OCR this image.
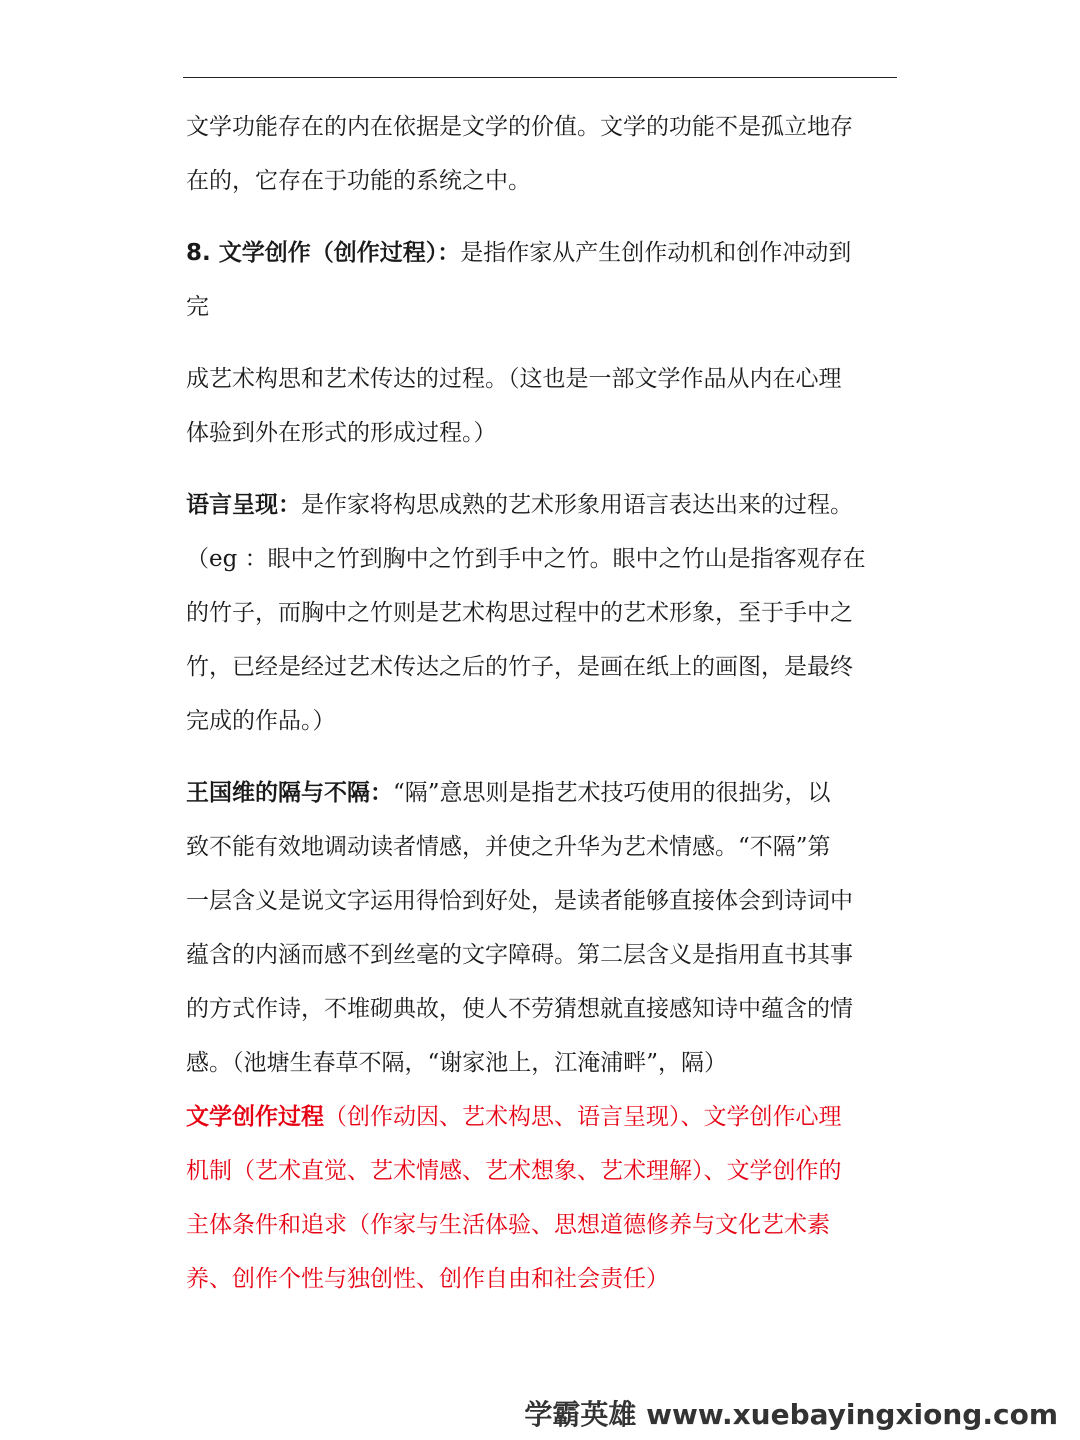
文学功能存在的内在依据是文学的价值。文学的功能不是孤立地存
在的，它存在于功能的系统之中。
8. 文学创作（创作过程）：是指作家从产生创作动机和创作冲动到
完
成艺术构思和艺术传达的过程。（这也是一部文学作品从内在心理
体验到外在形式的形成过程。）
语言呈现：是作家将构思成熟的艺术形象用语言表达出来的过程。
（eg ：眼中之竹到胸中之竹到手中之竹。眼中之竹山是指客观存在
的竹子，而胸中之竹则是艺术构思过程中的艺术形象，至于手中之
竹，已经是经过艺术传达之后的竹子，是画在纸上的画图，是最终
完成的作品。）
王国维的隔与不隔：“隔”意思则是指艺术技巧使用的很拙劣，以
致不能有效地调动读者情感，并使之升华为艺术情感。“不隔”第
一层含义是说文字运用得恰到好处，是读者能够直接体会到诗词中
蕴含的内涵而感不到丝毫的文字障碍。第二层含义是指用直书其事
的方式作诗，不堆砌典故，使人不劳猜想就直接感知诗中蕴含的情
感。（池塘生春草不隔，“谢家池上，江淹浦畔”，隔）
文学创作过程（创作动因、艺术构思、语言呈现）、文学创作心理
机制（艺术直觉、艺术情感、艺术想象、艺术理解）、文学创作的
主体条件和追求（作家与生活体验、思想道德修养与文化艺术素
养、创作个性与独创性、创作自由和社会责任）
学霸英雄 www.xuebayingxiong.com
